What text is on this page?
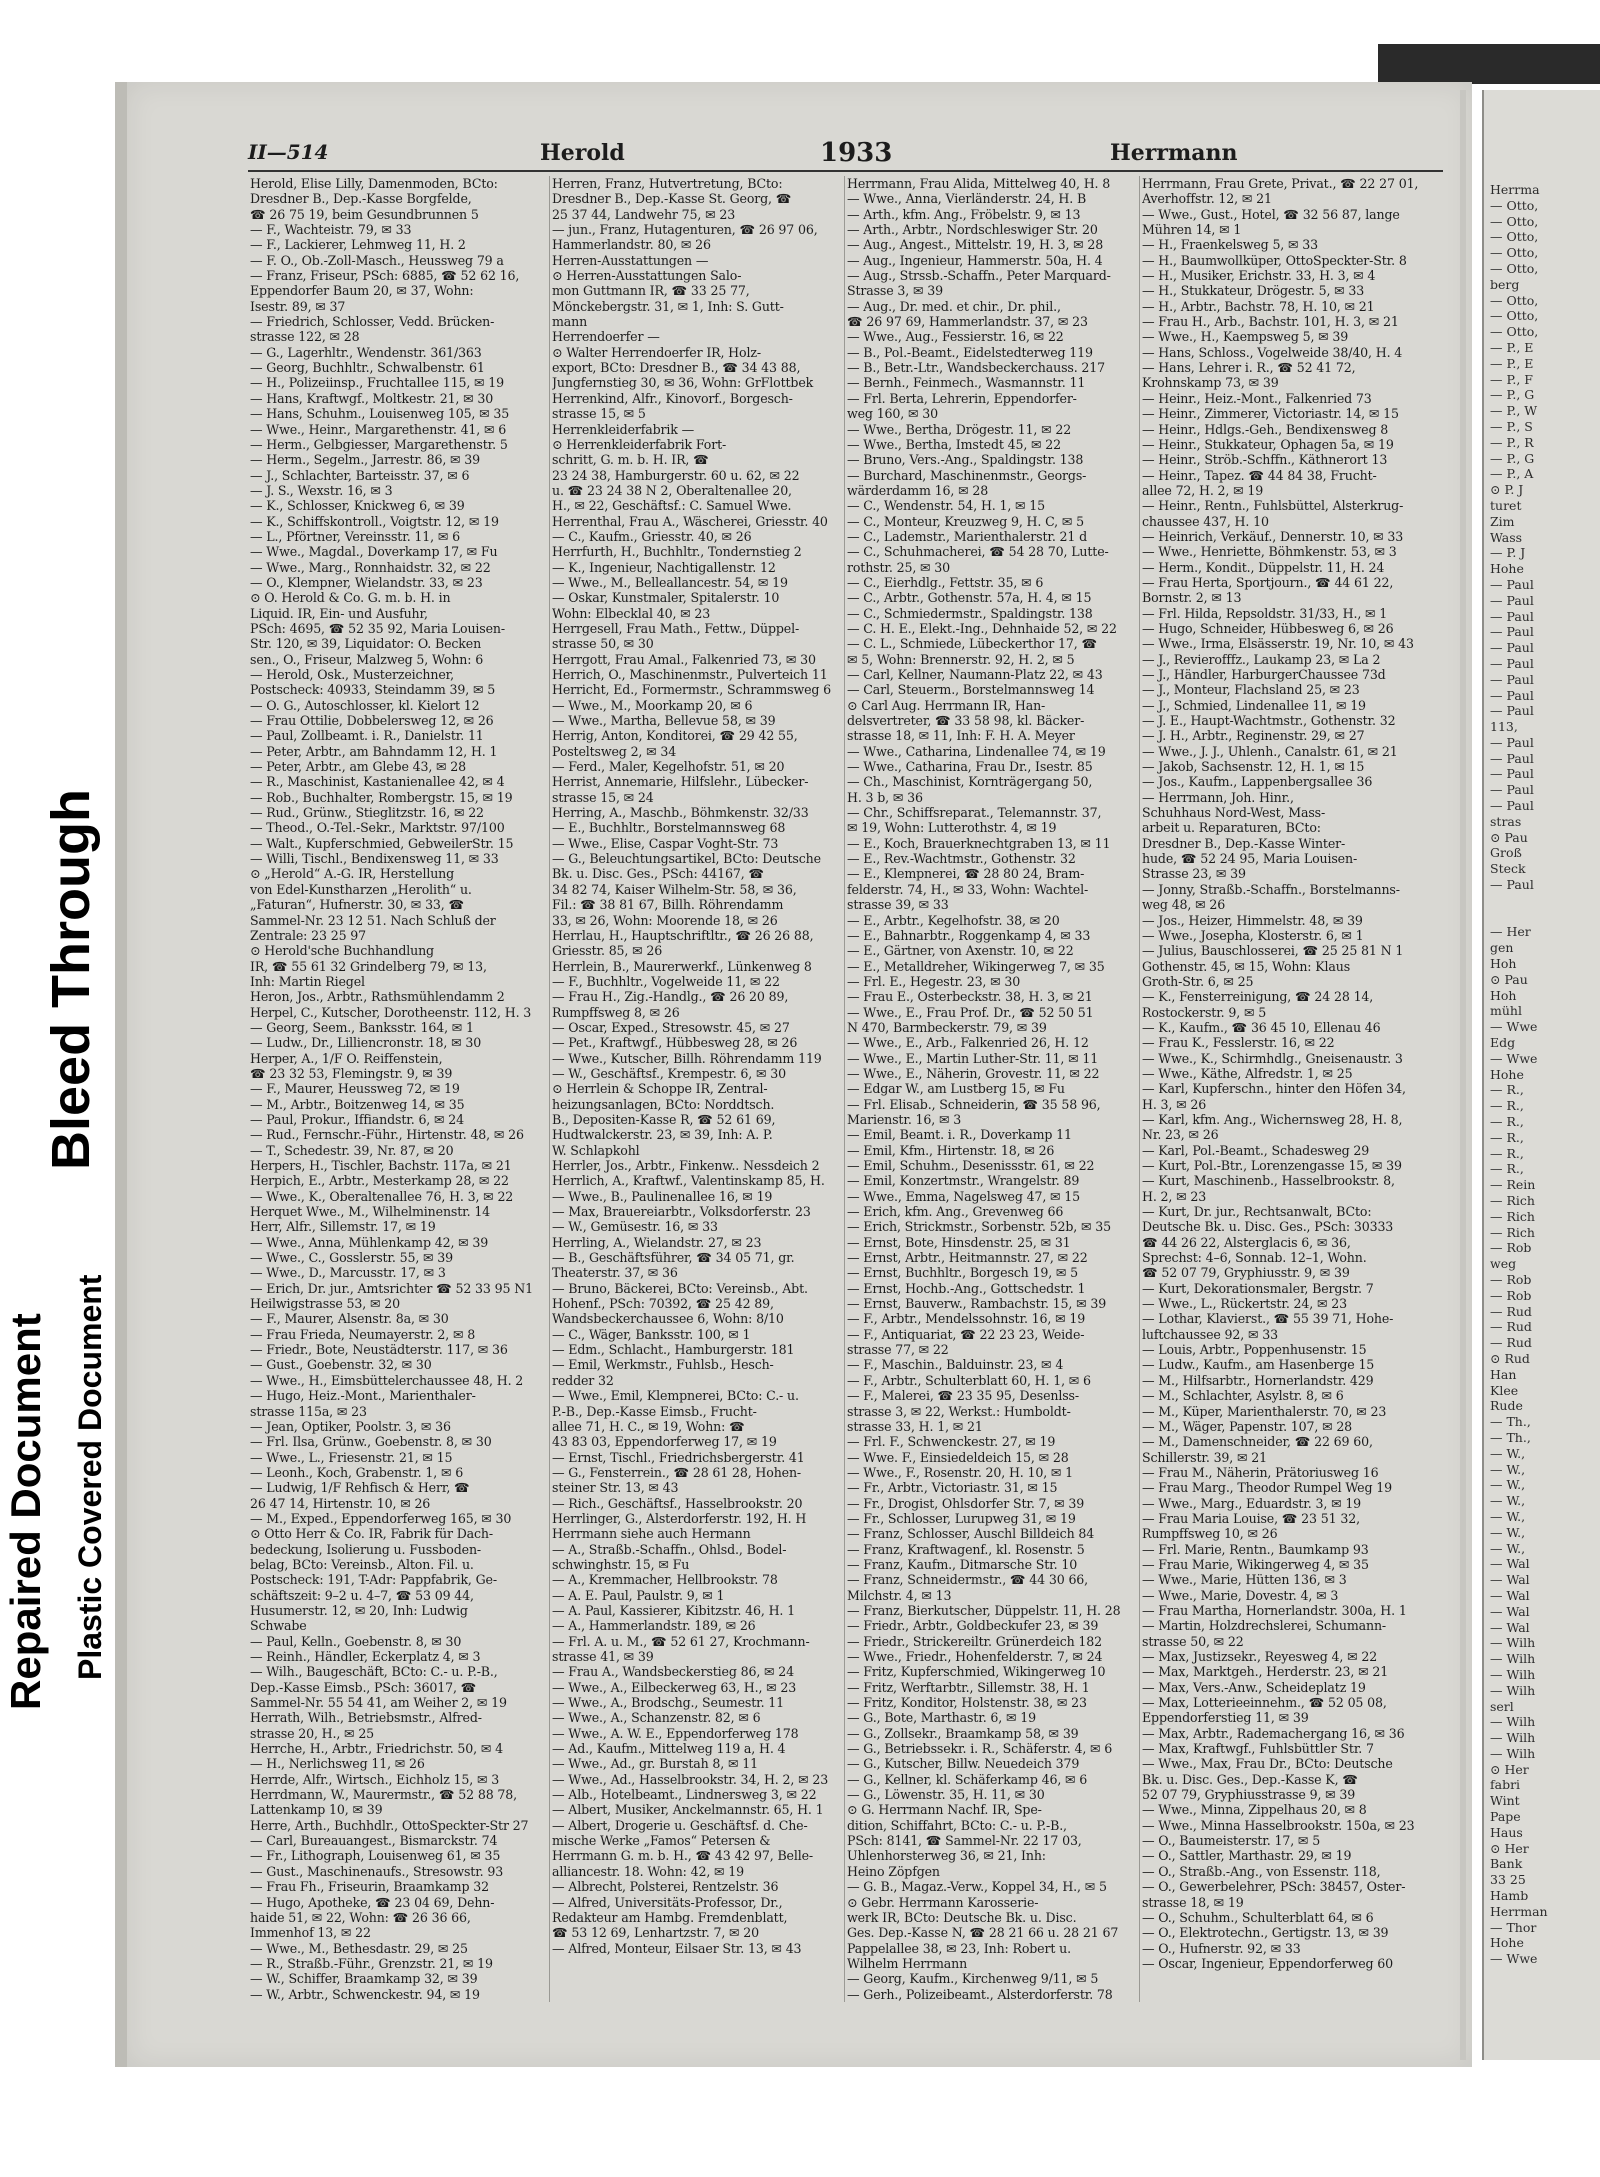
Bleed Through
Repaired Document Plastic Covered Document
Herrma
— Otto,
— Otto,
— Otto,
— Otto,
— Otto,
berg
— Otto,
— Otto,
— Otto,
— P., E
— P., E
— P., F
— P., G
— P., W
— P., S
— P., R
— P., G
— P., A
⊙ P. J
turet
Zim
Wass
— P. J
Hohe
— Paul
— Paul
— Paul
— Paul
— Paul
— Paul
— Paul
— Paul
— Paul
113,
— Paul
— Paul
— Paul
— Paul
— Paul
stras
⊙ Pau
Groß
Steck
— Paul

— Her
gen
Hoh
⊙ Pau
Hoh
mühl
— Wwe
Edg
— Wwe
Hohe
— R.,
— R.,
— R.,
— R.,
— R.,
— R.,
— Rein
— Rich
— Rich
— Rich
— Rob
weg
— Rob
— Rob
— Rud
— Rud
— Rud
⊙ Rud
Han
Klee
Rude
— Th.,
— Th.,
— W.,
— W.,
— W.,
— W.,
— W.,
— W.,
— W.,
— Wal
— Wal
— Wal
— Wal
— Wal
— Wilh
— Wilh
— Wilh
— Wilh
serl
— Wilh
— Wilh
— Wilh
⊙ Her
fabri
Wint
Pape
Haus
⊙ Her
Bank
33 25
Hamb
Herrman
— Thor
Hohe
— Wwe
II—514	Herold	1933	Herrmann
Herold, Elise Lilly, Damenmoden, BCto:
Dresdner B., Dep.-Kasse Borgfelde,
☎ 26 75 19, beim Gesundbrunnen 5
— F., Wachteistr. 79, ✉ 33
— F., Lackierer, Lehmweg 11, H. 2
— F. O., Ob.-Zoll-Masch., Heussweg 79 a
— Franz, Friseur, PSch: 6885, ☎ 52 62 16,
Eppendorfer Baum 20, ✉ 37, Wohn:
Isestr. 89, ✉ 37
— Friedrich, Schlosser, Vedd. Brücken-
strasse 122, ✉ 28
— G., Lagerhltr., Wendenstr. 361/363
— Georg, Buchhltr., Schwalbenstr. 61
— H., Polizeiinsp., Fruchtallee 115, ✉ 19
— Hans, Kraftwgf., Moltkestr. 21, ✉ 30
— Hans, Schuhm., Louisenweg 105, ✉ 35
— Wwe., Heinr., Margarethenstr. 41, ✉ 6
— Herm., Gelbgiesser, Margarethenstr. 5
— Herm., Segelm., Jarrestr. 86, ✉ 39
— J., Schlachter, Barteisstr. 37, ✉ 6
— J. S., Wexstr. 16, ✉ 3
— K., Schlosser, Knickweg 6, ✉ 39
— K., Schiffskontroll., Voigtstr. 12, ✉ 19
— L., Pförtner, Vereinsstr. 11, ✉ 6
— Wwe., Magdal., Doverkamp 17, ✉ Fu
— Wwe., Marg., Ronnhaidstr. 32, ✉ 22
— O., Klempner, Wielandstr. 33, ✉ 23
⊙ O. Herold & Co. G. m. b. H. in
Liquid. IR, Ein- und Ausfuhr,
PSch: 4695, ☎ 52 35 92, Maria Louisen-
Str. 120, ✉ 39, Liquidator: O. Becken
sen., O., Friseur, Malzweg 5, Wohn: 6
— Herold, Osk., Musterzeichner,
Postscheck: 40933, Steindamm 39, ✉ 5
— O. G., Autoschlosser, kl. Kielort 12
— Frau Ottilie, Dobbelersweg 12, ✉ 26
— Paul, Zollbeamt. i. R., Danielstr. 11
— Peter, Arbtr., am Bahndamm 12, H. 1
— Peter, Arbtr., am Glebe 43, ✉ 28
— R., Maschinist, Kastanienallee 42, ✉ 4
— Rob., Buchhalter, Rombergstr. 15, ✉ 19
— Rud., Grünw., Stieglitzstr. 16, ✉ 22
— Theod., O.-Tel.-Sekr., Marktstr. 97/100
— Walt., Kupferschmied, GebweilerStr. 15
— Willi, Tischl., Bendixensweg 11, ✉ 33
⊙ „Herold“ A.-G. IR, Herstellung
von Edel-Kunstharzen „Herolith“ u.
„Faturan“, Hufnerstr. 30, ✉ 33, ☎
Sammel-Nr. 23 12 51. Nach Schluß der
Zentrale: 23 25 97
⊙ Herold'sche Buchhandlung
IR, ☎ 55 61 32 Grindelberg 79, ✉ 13,
Inh: Martin Riegel
Heron, Jos., Arbtr., Rathsmühlendamm 2
Herpel, C., Kutscher, Dorotheenstr. 112, H. 3
— Georg, Seem., Banksstr. 164, ✉ 1
— Ludw., Dr., Lilliencronstr. 18, ✉ 30
Herper, A., 1/F O. Reiffenstein,
☎ 23 32 53, Flemingstr. 9, ✉ 39
— F., Maurer, Heussweg 72, ✉ 19
— M., Arbtr., Boitzenweg 14, ✉ 35
— Paul, Prokur., Iffiandstr. 6, ✉ 24
— Rud., Fernschr.-Führ., Hirtenstr. 48, ✉ 26
— T., Schedestr. 39, Nr. 87, ✉ 20
Herpers, H., Tischler, Bachstr. 117a, ✉ 21
Herpich, E., Arbtr., Mesterkamp 28, ✉ 22
— Wwe., K., Oberaltenallee 76, H. 3, ✉ 22
Herquet Wwe., M., Wilhelminenstr. 14
Herr, Alfr., Sillemstr. 17, ✉ 19
— Wwe., Anna, Mühlenkamp 42, ✉ 39
— Wwe., C., Gosslerstr. 55, ✉ 39
— Wwe., D., Marcusstr. 17, ✉ 3
— Erich, Dr. jur., Amtsrichter ☎ 52 33 95 N1
Heilwigstrasse 53, ✉ 20
— F., Maurer, Alsenstr. 8a, ✉ 30
— Frau Frieda, Neumayerstr. 2, ✉ 8
— Friedr., Bote, Neustädterstr. 117, ✉ 36
— Gust., Goebenstr. 32, ✉ 30
— Wwe., H., Eimsbüttelerchaussee 48, H. 2
— Hugo, Heiz.-Mont., Marienthaler-
strasse 115a, ✉ 23
— Jean, Optiker, Poolstr. 3, ✉ 36
— Frl. Ilsa, Grünw., Goebenstr. 8, ✉ 30
— Wwe., L., Friesenstr. 21, ✉ 15
— Leonh., Koch, Grabenstr. 1, ✉ 6
— Ludwig, 1/F Rehfisch & Herr, ☎
26 47 14, Hirtenstr. 10, ✉ 26
— M., Exped., Eppendorferweg 165, ✉ 30
⊙ Otto Herr & Co. IR, Fabrik für Dach-
bedeckung, Isolierung u. Fussboden-
belag, BCto: Vereinsb., Alton. Fil. u.
Postscheck: 191, T-Adr: Pappfabrik, Ge-
schäftszeit: 9–2 u. 4–7, ☎ 53 09 44,
Husumerstr. 12, ✉ 20, Inh: Ludwig
Schwabe
— Paul, Kelln., Goebenstr. 8, ✉ 30
— Reinh., Händler, Eckerplatz 4, ✉ 3
— Wilh., Baugeschäft, BCto: C.- u. P.-B.,
Dep.-Kasse Eimsb., PSch: 36017, ☎
Sammel-Nr. 55 54 41, am Weiher 2, ✉ 19
Herrath, Wilh., Betriebsmstr., Alfred-
strasse 20, H., ✉ 25
Herrche, H., Arbtr., Friedrichstr. 50, ✉ 4
— H., Nerlichsweg 11, ✉ 26
Herrde, Alfr., Wirtsch., Eichholz 15, ✉ 3
Herrdmann, W., Maurermstr., ☎ 52 88 78,
Lattenkamp 10, ✉ 39
Herre, Arth., Buchhdlr., OttoSpeckter-Str 27
— Carl, Bureauangest., Bismarckstr. 74
— Fr., Lithograph, Louisenweg 61, ✉ 35
— Gust., Maschinenaufs., Stresowstr. 93
— Frau Fh., Friseurin, Braamkamp 32
— Hugo, Apotheke, ☎ 23 04 69, Dehn-
haide 51, ✉ 22, Wohn: ☎ 26 36 66,
Immenhof 13, ✉ 22
— Wwe., M., Bethesdastr. 29, ✉ 25
— R., Straßb.-Führ., Grenzstr. 21, ✉ 19
— W., Schiffer, Braamkamp 32, ✉ 39
— W., Arbtr., Schwenckestr. 94, ✉ 19
Herren, Franz, Hutvertretung, BCto:
Dresdner B., Dep.-Kasse St. Georg, ☎
25 37 44, Landwehr 75, ✉ 23
— jun., Franz, Hutagenturen, ☎ 26 97 06,
Hammerlandstr. 80, ✉ 26
Herren-Ausstattungen —
⊙ Herren-Ausstattungen Salo-
mon Guttmann IR, ☎ 33 25 77,
Mönckebergstr. 31, ✉ 1, Inh: S. Gutt-
mann
Herrendoerfer —
⊙ Walter Herrendoerfer IR, Holz-
export, BCto: Dresdner B., ☎ 34 43 88,
Jungfernstieg 30, ✉ 36, Wohn: GrFlottbek
Herrenkind, Alfr., Kinovorf., Borgesch-
strasse 15, ✉ 5
Herrenkleiderfabrik —
⊙ Herrenkleiderfabrik Fort-
schritt, G. m. b. H. IR, ☎
23 24 38, Hamburgerstr. 60 u. 62, ✉ 22
u. ☎ 23 24 38 N 2, Oberaltenallee 20,
H., ✉ 22, Geschäftsf.: C. Samuel Wwe.
Herrenthal, Frau A., Wäscherei, Griesstr. 40
— C., Kaufm., Griesstr. 40, ✉ 26
Herrfurth, H., Buchhltr., Tondernstieg 2
— K., Ingenieur, Nachtigallenstr. 12
— Wwe., M., Belleallancestr. 54, ✉ 19
— Oskar, Kunstmaler, Spitalerstr. 10
Wohn: Elbecklal 40, ✉ 23
Herrgesell, Frau Math., Fettw., Düppel-
strasse 50, ✉ 30
Herrgott, Frau Amal., Falkenried 73, ✉ 30
Herrich, O., Maschinenmstr., Pulverteich 11
Herricht, Ed., Formermstr., Schrammsweg 6
— Wwe., M., Moorkamp 20, ✉ 6
— Wwe., Martha, Bellevue 58, ✉ 39
Herrig, Anton, Konditorei, ☎ 29 42 55,
Posteltsweg 2, ✉ 34
— Ferd., Maler, Kegelhofstr. 51, ✉ 20
Herrist, Annemarie, Hilfslehr., Lübecker-
strasse 15, ✉ 24
Herring, A., Maschb., Böhmkenstr. 32/33
— E., Buchhltr., Borstelmannsweg 68
— Wwe., Elise, Caspar Voght-Str. 73
— G., Beleuchtungsartikel, BCto: Deutsche
Bk. u. Disc. Ges., PSch: 44167, ☎
34 82 74, Kaiser Wilhelm-Str. 58, ✉ 36,
Fil.: ☎ 38 81 67, Billh. Röhrendamm
33, ✉ 26, Wohn: Moorende 18, ✉ 26
Herrlau, H., Hauptschriftltr., ☎ 26 26 88,
Griesstr. 85, ✉ 26
Herrlein, B., Maurerwerkf., Lünkenweg 8
— F., Buchhltr., Vogelweide 11, ✉ 22
— Frau H., Zig.-Handlg., ☎ 26 20 89,
Rumpffsweg 8, ✉ 26
— Oscar, Exped., Stresowstr. 45, ✉ 27
— Pet., Kraftwgf., Hübbesweg 28, ✉ 26
— Wwe., Kutscher, Billh. Röhrendamm 119
— W., Geschäftsf., Krempestr. 6, ✉ 30
⊙ Herrlein & Schoppe IR, Zentral-
heizungsanlagen, BCto: Norddtsch.
B., Depositen-Kasse R, ☎ 52 61 69,
Hudtwalckerstr. 23, ✉ 39, Inh: A. P.
W. Schlapkohl
Herrler, Jos., Arbtr., Finkenw.. Nessdeich 2
Herrlich, A., Kraftwf., Valentinskamp 85, H.
— Wwe., B., Paulinenallee 16, ✉ 19
— Max, Brauereiarbtr., Volksdorferstr. 23
— W., Gemüsestr. 16, ✉ 33
Herrling, A., Wielandstr. 27, ✉ 23
— B., Geschäftsführer, ☎ 34 05 71, gr.
Theaterstr. 37, ✉ 36
— Bruno, Bäckerei, BCto: Vereinsb., Abt.
Hohenf., PSch: 70392, ☎ 25 42 89,
Wandsbeckerchaussee 6, Wohn: 8/10
— C., Wäger, Banksstr. 100, ✉ 1
— Edm., Schlacht., Hamburgerstr. 181
— Emil, Werkmstr., Fuhlsb., Hesch-
redder 32
— Wwe., Emil, Klempnerei, BCto: C.- u.
P.-B., Dep.-Kasse Eimsb., Frucht-
allee 71, H. C., ✉ 19, Wohn: ☎
43 83 03, Eppendorferweg 17, ✉ 19
— Ernst, Tischl., Friedrichsbergerstr. 41
— G., Fensterrein., ☎ 28 61 28, Hohen-
steiner Str. 13, ✉ 43
— Rich., Geschäftsf., Hasselbrookstr. 20
Herrlinger, G., Alsterdorferstr. 192, H. H
Herrmann siehe auch Hermann
— A., Straßb.-Schaffn., Ohlsd., Bodel-
schwinghstr. 15, ✉ Fu
— A., Kremmacher, Hellbrookstr. 78
— A. E. Paul, Paulstr. 9, ✉ 1
— A. Paul, Kassierer, Kibitzstr. 46, H. 1
— A., Hammerlandstr. 189, ✉ 26
— Frl. A. u. M., ☎ 52 61 27, Krochmann-
strasse 41, ✉ 39
— Frau A., Wandsbeckerstieg 86, ✉ 24
— Wwe., A., Eilbeckerweg 63, H., ✉ 23
— Wwe., A., Brodschg., Seumestr. 11
— Wwe., A., Schanzenstr. 82, ✉ 6
— Wwe., A. W. E., Eppendorferweg 178
— Ad., Kaufm., Mittelweg 119 a, H. 4
— Wwe., Ad., gr. Burstah 8, ✉ 11
— Wwe., Ad., Hasselbrookstr. 34, H. 2, ✉ 23
— Alb., Hotelbeamt., Lindnersweg 3, ✉ 22
— Albert, Musiker, Anckelmannstr. 65, H. 1
— Albert, Drogerie u. Geschäftsf. d. Che-
mische Werke „Famos“ Petersen &
Herrmann G. m. b. H., ☎ 43 42 97, Belle-
alliancestr. 18. Wohn: 42, ✉ 19
— Albrecht, Polsterei, Rentzelstr. 36
— Alfred, Universitäts-Professor, Dr.,
Redakteur am Hambg. Fremdenblatt,
☎ 53 12 69, Lenhartzstr. 7, ✉ 20
— Alfred, Monteur, Eilsaer Str. 13, ✉ 43
Herrmann, Frau Alida, Mittelweg 40, H. 8
— Wwe., Anna, Vierländerstr. 24, H. B
— Arth., kfm. Ang., Fröbelstr. 9, ✉ 13
— Arth., Arbtr., Nordschleswiger Str. 20
— Aug., Angest., Mittelstr. 19, H. 3, ✉ 28
— Aug., Ingenieur, Hammerstr. 50a, H. 4
— Aug., Strssb.-Schaffn., Peter Marquard-
Strasse 3, ✉ 39
— Aug., Dr. med. et chir., Dr. phil.,
☎ 26 97 69, Hammerlandstr. 37, ✉ 23
— Wwe., Aug., Fessierstr. 16, ✉ 22
— B., Pol.-Beamt., Eidelstedterweg 119
— B., Betr.-Ltr., Wandsbeckerchauss. 217
— Bernh., Feinmech., Wasmannstr. 11
— Frl. Berta, Lehrerin, Eppendorfer-
weg 160, ✉ 30
— Wwe., Bertha, Drögestr. 11, ✉ 22
— Wwe., Bertha, Imstedt 45, ✉ 22
— Bruno, Vers.-Ang., Spaldingstr. 138
— Burchard, Maschinenmstr., Georgs-
wärderdamm 16, ✉ 28
— C., Wendenstr. 54, H. 1, ✉ 15
— C., Monteur, Kreuzweg 9, H. C, ✉ 5
— C., Lademstr., Marienthalerstr. 21 d
— C., Schuhmacherei, ☎ 54 28 70, Lutte-
rothstr. 25, ✉ 30
— C., Eierhdlg., Fettstr. 35, ✉ 6
— C., Arbtr., Gothenstr. 57a, H. 4, ✉ 15
— C., Schmiedermstr., Spaldingstr. 138
— C. H. E., Elekt.-Ing., Dehnhaide 52, ✉ 22
— C. L., Schmiede, Lübeckerthor 17, ☎
✉ 5, Wohn: Brennerstr. 92, H. 2, ✉ 5
— Carl, Kellner, Naumann-Platz 22, ✉ 43
— Carl, Steuerm., Borstelmannsweg 14
⊙ Carl Aug. Herrmann IR, Han-
delsvertreter, ☎ 33 58 98, kl. Bäcker-
strasse 18, ✉ 11, Inh: F. H. A. Meyer
— Wwe., Catharina, Lindenallee 74, ✉ 19
— Wwe., Catharina, Frau Dr., Isestr. 85
— Ch., Maschinist, Kornträgergang 50,
H. 3 b, ✉ 36
— Chr., Schiffsreparat., Telemannstr. 37,
✉ 19, Wohn: Lutterothstr. 4, ✉ 19
— E., Koch, Brauerknechtgraben 13, ✉ 11
— E., Rev.-Wachtmstr., Gothenstr. 32
— E., Klempnerei, ☎ 28 80 24, Bram-
felderstr. 74, H., ✉ 33, Wohn: Wachtel-
strasse 39, ✉ 33
— E., Arbtr., Kegelhofstr. 38, ✉ 20
— E., Bahnarbtr., Roggenkamp 4, ✉ 33
— E., Gärtner, von Axenstr. 10, ✉ 22
— E., Metalldreher, Wikingerweg 7, ✉ 35
— Frl. E., Hegestr. 23, ✉ 30
— Frau E., Osterbeckstr. 38, H. 3, ✉ 21
— Wwe., E., Frau Prof. Dr., ☎ 52 50 51
N 470, Barmbeckerstr. 79, ✉ 39
— Wwe., E., Arb., Falkenried 26, H. 12
— Wwe., E., Martin Luther-Str. 11, ✉ 11
— Wwe., E., Näherin, Grovestr. 11, ✉ 22
— Edgar W., am Lustberg 15, ✉ Fu
— Frl. Elisab., Schneiderin, ☎ 35 58 96,
Marienstr. 16, ✉ 3
— Emil, Beamt. i. R., Doverkamp 11
— Emil, Kfm., Hirtenstr. 18, ✉ 26
— Emil, Schuhm., Desenissstr. 61, ✉ 22
— Emil, Konzertmstr., Wrangelstr. 89
— Wwe., Emma, Nagelsweg 47, ✉ 15
— Erich, kfm. Ang., Grevenweg 66
— Erich, Strickmstr., Sorbenstr. 52b, ✉ 35
— Ernst, Bote, Hinsdenstr. 25, ✉ 31
— Ernst, Arbtr., Heitmannstr. 27, ✉ 22
— Ernst, Buchhltr., Borgesch 19, ✉ 5
— Ernst, Hochb.-Ang., Gottschedstr. 1
— Ernst, Bauverw., Rambachstr. 15, ✉ 39
— F., Arbtr., Mendelssohnstr. 16, ✉ 19
— F., Antiquariat, ☎ 22 23 23, Weide-
strasse 77, ✉ 22
— F., Maschin., Balduinstr. 23, ✉ 4
— F., Arbtr., Schulterblatt 60, H. 1, ✉ 6
— F., Malerei, ☎ 23 35 95, Desenlss-
strasse 3, ✉ 22, Werkst.: Humboldt-
strasse 33, H. 1, ✉ 21
— Frl. F., Schwenckestr. 27, ✉ 19
— Wwe. F., Einsiedeldeich 15, ✉ 28
— Wwe., F., Rosenstr. 20, H. 10, ✉ 1
— Fr., Arbtr., Victoriastr. 31, ✉ 15
— Fr., Drogist, Ohlsdorfer Str. 7, ✉ 39
— Fr., Schlosser, Lurupweg 31, ✉ 19
— Franz, Schlosser, Auschl Billdeich 84
— Franz, Kraftwagenf., kl. Rosenstr. 5
— Franz, Kaufm., Ditmarsche Str. 10
— Franz, Schneidermstr., ☎ 44 30 66,
Milchstr. 4, ✉ 13
— Franz, Bierkutscher, Düppelstr. 11, H. 28
— Friedr., Arbtr., Goldbeckufer 23, ✉ 39
— Friedr., Strickereiltr. Grünerdeich 182
— Wwe., Friedr., Hohenfelderstr. 7, ✉ 24
— Fritz, Kupferschmied, Wikingerweg 10
— Fritz, Werftarbtr., Sillemstr. 38, H. 1
— Fritz, Konditor, Holstenstr. 38, ✉ 23
— G., Bote, Marthastr. 6, ✉ 19
— G., Zollsekr., Braamkamp 58, ✉ 39
— G., Betriebssekr. i. R., Schäferstr. 4, ✉ 6
— G., Kutscher, Billw. Neuedeich 379
— G., Kellner, kl. Schäferkamp 46, ✉ 6
— G., Löwenstr. 35, H. 11, ✉ 30
⊙ G. Herrmann Nachf. IR, Spe-
dition, Schiffahrt, BCto: C.- u. P.-B.,
PSch: 8141, ☎ Sammel-Nr. 22 17 03,
Uhlenhorsterweg 36, ✉ 21, Inh:
Heino Zöpfgen
— G. B., Magaz.-Verw., Koppel 34, H., ✉ 5
⊙ Gebr. Herrmann Karosserie-
werk IR, BCto: Deutsche Bk. u. Disc.
Ges. Dep.-Kasse N, ☎ 28 21 66 u. 28 21 67
Pappelallee 38, ✉ 23, Inh: Robert u.
Wilhelm Herrmann
— Georg, Kaufm., Kirchenweg 9/11, ✉ 5
— Gerh., Polizeibeamt., Alsterdorferstr. 78
Herrmann, Frau Grete, Privat., ☎ 22 27 01,
Averhoffstr. 12, ✉ 21
— Wwe., Gust., Hotel, ☎ 32 56 87, lange
Mühren 14, ✉ 1
— H., Fraenkelsweg 5, ✉ 33
— H., Baumwollküper, OttoSpeckter-Str. 8
— H., Musiker, Erichstr. 33, H. 3, ✉ 4
— H., Stukkateur, Drögestr. 5, ✉ 33
— H., Arbtr., Bachstr. 78, H. 10, ✉ 21
— Frau H., Arb., Bachstr. 101, H. 3, ✉ 21
— Wwe., H., Kaempsweg 5, ✉ 39
— Hans, Schloss., Vogelweide 38/40, H. 4
— Hans, Lehrer i. R., ☎ 52 41 72,
Krohnskamp 73, ✉ 39
— Heinr., Heiz.-Mont., Falkenried 73
— Heinr., Zimmerer, Victoriastr. 14, ✉ 15
— Heinr., Hdlgs.-Geh., Bendixensweg 8
— Heinr., Stukkateur, Ophagen 5a, ✉ 19
— Heinr., Ströb.-Schffn., Käthnerort 13
— Heinr., Tapez. ☎ 44 84 38, Frucht-
allee 72, H. 2, ✉ 19
— Heinr., Rentn., Fuhlsbüttel, Alsterkrug-
chaussee 437, H. 10
— Heinrich, Verkäuf., Dennerstr. 10, ✉ 33
— Wwe., Henriette, Böhmkenstr. 53, ✉ 3
— Herm., Kondit., Düppelstr. 11, H. 24
— Frau Herta, Sportjourn., ☎ 44 61 22,
Bornstr. 2, ✉ 13
— Frl. Hilda, Repsoldstr. 31/33, H., ✉ 1
— Hugo, Schneider, Hübbesweg 6, ✉ 26
— Wwe., Irma, Elsässerstr. 19, Nr. 10, ✉ 43
— J., Revierofffz., Laukamp 23, ✉ La 2
— J., Händler, HarburgerChaussee 73d
— J., Monteur, Flachsland 25, ✉ 23
— J., Schmied, Lindenallee 11, ✉ 19
— J. E., Haupt-Wachtmstr., Gothenstr. 32
— J. H., Arbtr., Reginenstr. 29, ✉ 27
— Wwe., J. J., Uhlenh., Canalstr. 61, ✉ 21
— Jakob, Sachsenstr. 12, H. 1, ✉ 15
— Jos., Kaufm., Lappenbergsallee 36
— Herrmann, Joh. Hinr.,
Schuhhaus Nord-West, Mass-
arbeit u. Reparaturen, BCto:
Dresdner B., Dep.-Kasse Winter-
hude, ☎ 52 24 95, Maria Louisen-
Strasse 23, ✉ 39
— Jonny, Straßb.-Schaffn., Borstelmanns-
weg 48, ✉ 26
— Jos., Heizer, Himmelstr. 48, ✉ 39
— Wwe., Josepha, Klosterstr. 6, ✉ 1
— Julius, Bauschlosserei, ☎ 25 25 81 N 1
Gothenstr. 45, ✉ 15, Wohn: Klaus
Groth-Str. 6, ✉ 25
— K., Fensterreinigung, ☎ 24 28 14,
Rostockerstr. 9, ✉ 5
— K., Kaufm., ☎ 36 45 10, Ellenau 46
— Frau K., Fesslerstr. 16, ✉ 22
— Wwe., K., Schirmhdlg., Gneisenaustr. 3
— Wwe., Käthe, Alfredstr. 1, ✉ 25
— Karl, Kupferschn., hinter den Höfen 34,
H. 3, ✉ 26
— Karl, kfm. Ang., Wichernsweg 28, H. 8,
Nr. 23, ✉ 26
— Karl, Pol.-Beamt., Schadesweg 29
— Kurt, Pol.-Btr., Lorenzengasse 15, ✉ 39
— Kurt, Maschinenb., Hasselbrookstr. 8,
H. 2, ✉ 23
— Kurt, Dr. jur., Rechtsanwalt, BCto:
Deutsche Bk. u. Disc. Ges., PSch: 30333
☎ 44 26 22, Alsterglacis 6, ✉ 36,
Sprechst: 4–6, Sonnab. 12–1, Wohn.
☎ 52 07 79, Gryphiusstr. 9, ✉ 39
— Kurt, Dekorationsmaler, Bergstr. 7
— Wwe., L., Rückertstr. 24, ✉ 23
— Lothar, Klavierst., ☎ 55 39 71, Hohe-
luftchaussee 92, ✉ 33
— Louis, Arbtr., Poppenhusenstr. 15
— Ludw., Kaufm., am Hasenberge 15
— M., Hilfsarbtr., Hornerlandstr. 429
— M., Schlachter, Asylstr. 8, ✉ 6
— M., Küper, Marienthalerstr. 70, ✉ 23
— M., Wäger, Papenstr. 107, ✉ 28
— M., Damenschneider, ☎ 22 69 60,
Schillerstr. 39, ✉ 21
— Frau M., Näherin, Prätoriusweg 16
— Frau Marg., Theodor Rumpel Weg 19
— Wwe., Marg., Eduardstr. 3, ✉ 19
— Frau Maria Louise, ☎ 23 51 32,
Rumpffsweg 10, ✉ 26
— Frl. Marie, Rentn., Baumkamp 93
— Frau Marie, Wikingerweg 4, ✉ 35
— Wwe., Marie, Hütten 136, ✉ 3
— Wwe., Marie, Dovestr. 4, ✉ 3
— Frau Martha, Hornerlandstr. 300a, H. 1
— Martin, Holzdrechslerei, Schumann-
strasse 50, ✉ 22
— Max, Justizsekr., Reyesweg 4, ✉ 22
— Max, Marktgeh., Herderstr. 23, ✉ 21
— Max, Vers.-Anw., Scheideplatz 19
— Max, Lotterieeinnehm., ☎ 52 05 08,
Eppendorferstieg 11, ✉ 39
— Max, Arbtr., Rademachergang 16, ✉ 36
— Max, Kraftwgf., Fuhlsbüttler Str. 7
— Wwe., Max, Frau Dr., BCto: Deutsche
Bk. u. Disc. Ges., Dep.-Kasse K, ☎
52 07 79, Gryphiusstrasse 9, ✉ 39
— Wwe., Minna, Zippelhaus 20, ✉ 8
— Wwe., Minna Hasselbrookstr. 150a, ✉ 23
— O., Baumeisterstr. 17, ✉ 5
— O., Sattler, Marthastr. 29, ✉ 19
— O., Straßb.-Ang., von Essenstr. 118,
— O., Gewerbelehrer, PSch: 38457, Oster-
strasse 18, ✉ 19
— O., Schuhm., Schulterblatt 64, ✉ 6
— O., Elektrotechn., Gertigstr. 13, ✉ 39
— O., Hufnerstr. 92, ✉ 33
— Oscar, Ingenieur, Eppendorferweg 60
